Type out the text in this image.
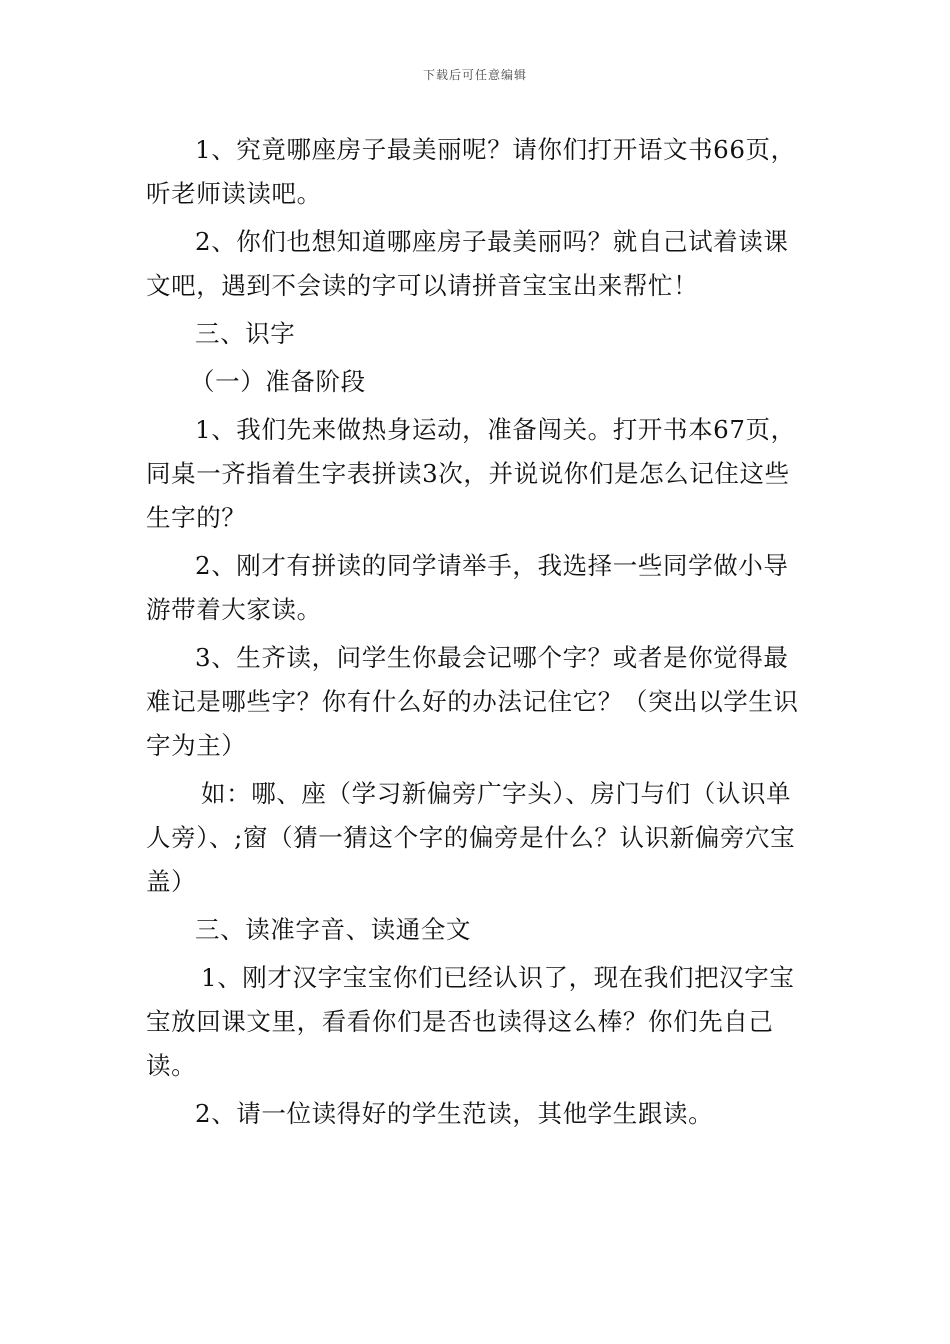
下载后可任意编辑

1、究竟哪座房子最美丽呢？请你们打开语文书66页，听老师读读吧。

2、你们也想知道哪座房子最美丽吗？就自己试着读课文吧，遇到不会读的字可以请拼音宝宝出来帮忙！

三、识字

（一）准备阶段

1、我们先来做热身运动，准备闯关。打开书本67页，同桌一齐指着生字表拼读3次，并说说你们是怎么记住这些生字的？

2、刚才有拼读的同学请举手，我选择一些同学做小导游带着大家读。

3、生齐读，问学生你最会记哪个字？或者是你觉得最难记是哪些字？你有什么好的办法记住它？（突出以学生识字为主）

如：哪、座（学习新偏旁广字头）、房门与们（认识单人旁）、;窗（猜一猜这个字的偏旁是什么？认识新偏旁穴宝盖）

三、读准字音、读通全文

1、刚才汉字宝宝你们已经认识了，现在我们把汉字宝宝放回课文里，看看你们是否也读得这么棒？你们先自己读。

2、请一位读得好的学生范读，其他学生跟读。
